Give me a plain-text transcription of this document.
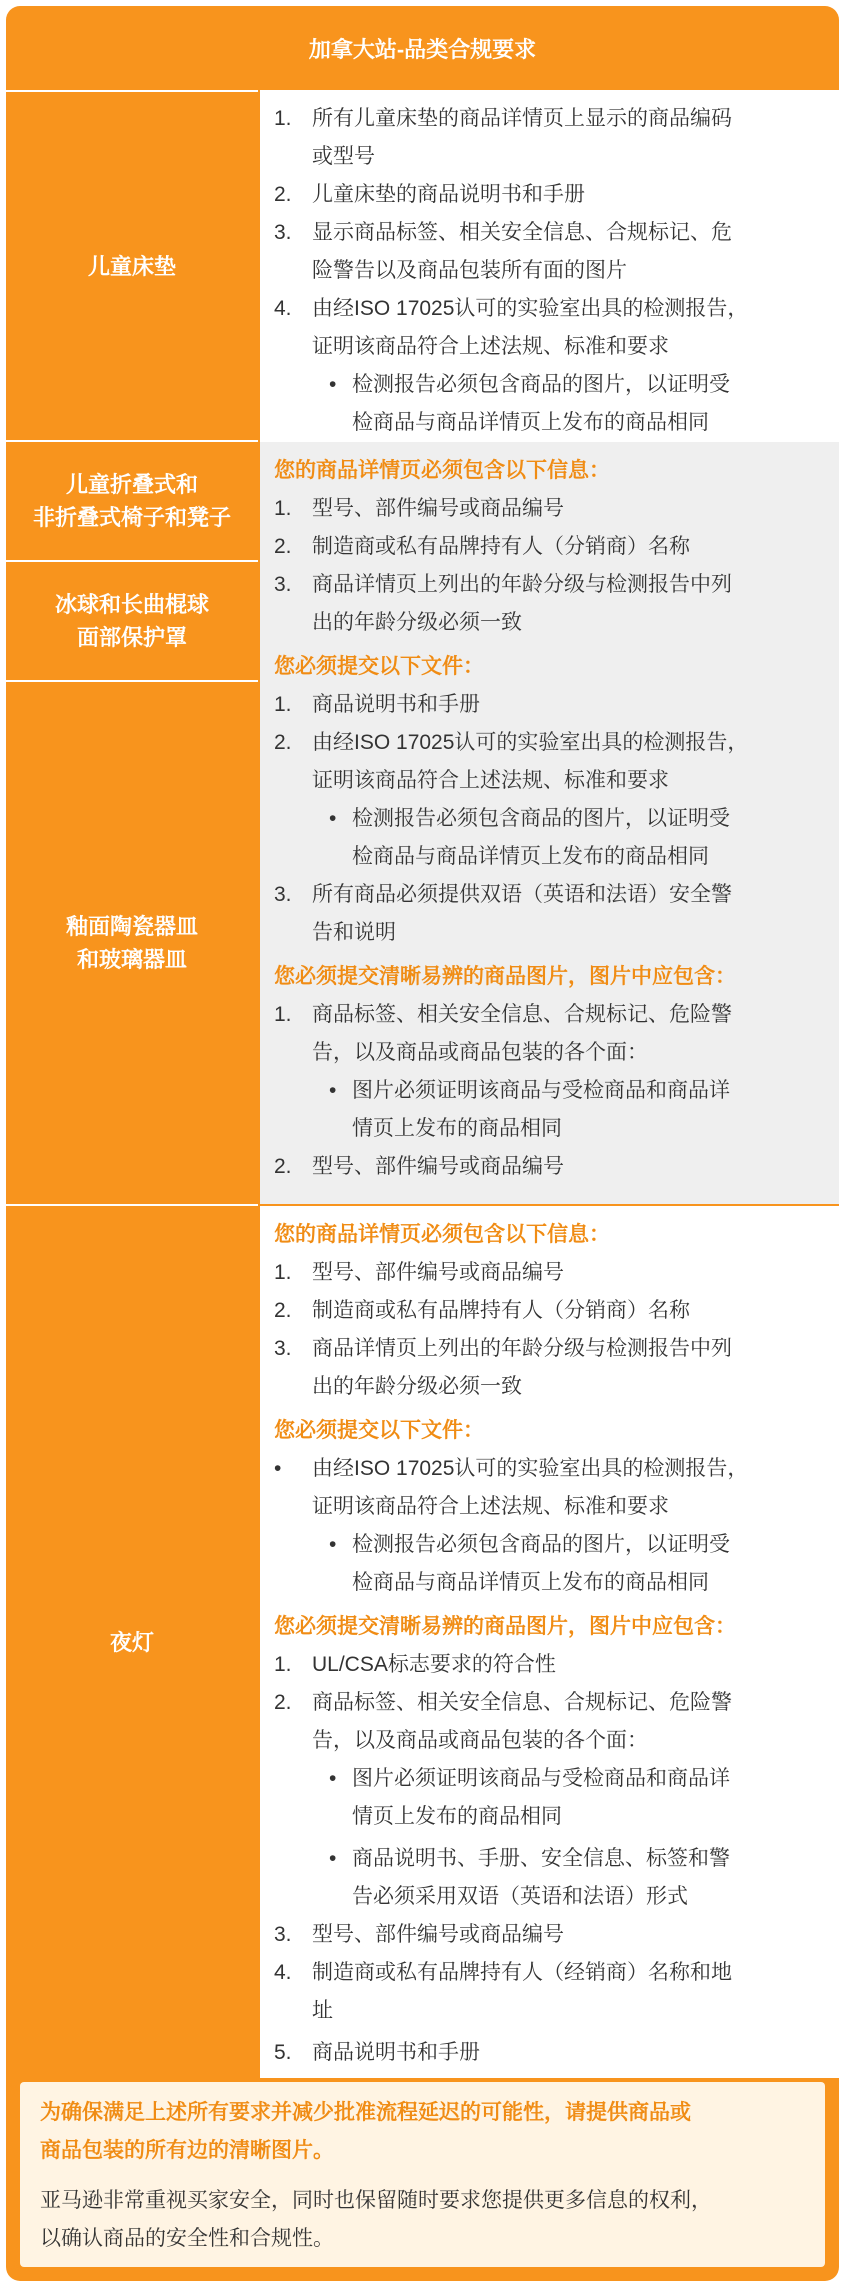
加拿大站-品类合规要求
儿童床垫
儿童折叠式和
非折叠式椅子和凳子
冰球和长曲棍球
面部保护罩
釉面陶瓷器皿
和玻璃器皿
夜灯
1. 所有儿童床垫的商品详情页上显示的商品编码
或型号
2. 儿童床垫的商品说明书和手册
3. 显示商品标签、相关安全信息、合规标记、危
险警告以及商品包装所有面的图片
4. 由经ISO 17025认可的实验室出具的检测报告，
证明该商品符合上述法规、标准和要求
• 检测报告必须包含商品的图片，以证明受
检商品与商品详情页上发布的商品相同
您的商品详情页必须包含以下信息：
1. 型号、部件编号或商品编号
2. 制造商或私有品牌持有人（分销商）名称
3. 商品详情页上列出的年龄分级与检测报告中列
出的年龄分级必须一致
您必须提交以下文件：
1. 商品说明书和手册
2. 由经ISO 17025认可的实验室出具的检测报告，
证明该商品符合上述法规、标准和要求
• 检测报告必须包含商品的图片，以证明受
检商品与商品详情页上发布的商品相同
3. 所有商品必须提供双语（英语和法语）安全警
告和说明
您必须提交清晰易辨的商品图片，图片中应包含：
1. 商品标签、相关安全信息、合规标记、危险警
告，以及商品或商品包装的各个面：
• 图片必须证明该商品与受检商品和商品详
情页上发布的商品相同
2. 型号、部件编号或商品编号
您的商品详情页必须包含以下信息：
1. 型号、部件编号或商品编号
2. 制造商或私有品牌持有人（分销商）名称
3. 商品详情页上列出的年龄分级与检测报告中列
出的年龄分级必须一致
您必须提交以下文件：
• 由经ISO 17025认可的实验室出具的检测报告，
证明该商品符合上述法规、标准和要求
• 检测报告必须包含商品的图片，以证明受
检商品与商品详情页上发布的商品相同
您必须提交清晰易辨的商品图片，图片中应包含：
1. UL/CSA标志要求的符合性
2. 商品标签、相关安全信息、合规标记、危险警
告，以及商品或商品包装的各个面：
• 图片必须证明该商品与受检商品和商品详
情页上发布的商品相同
• 商品说明书、手册、安全信息、标签和警
告必须采用双语（英语和法语）形式
3. 型号、部件编号或商品编号
4. 制造商或私有品牌持有人（经销商）名称和地
址
5. 商品说明书和手册
为确保满足上述所有要求并减少批准流程延迟的可能性，请提供商品或
商品包装的所有边的清晰图片。
亚马逊非常重视买家安全，同时也保留随时要求您提供更多信息的权利，
以确认商品的安全性和合规性。
